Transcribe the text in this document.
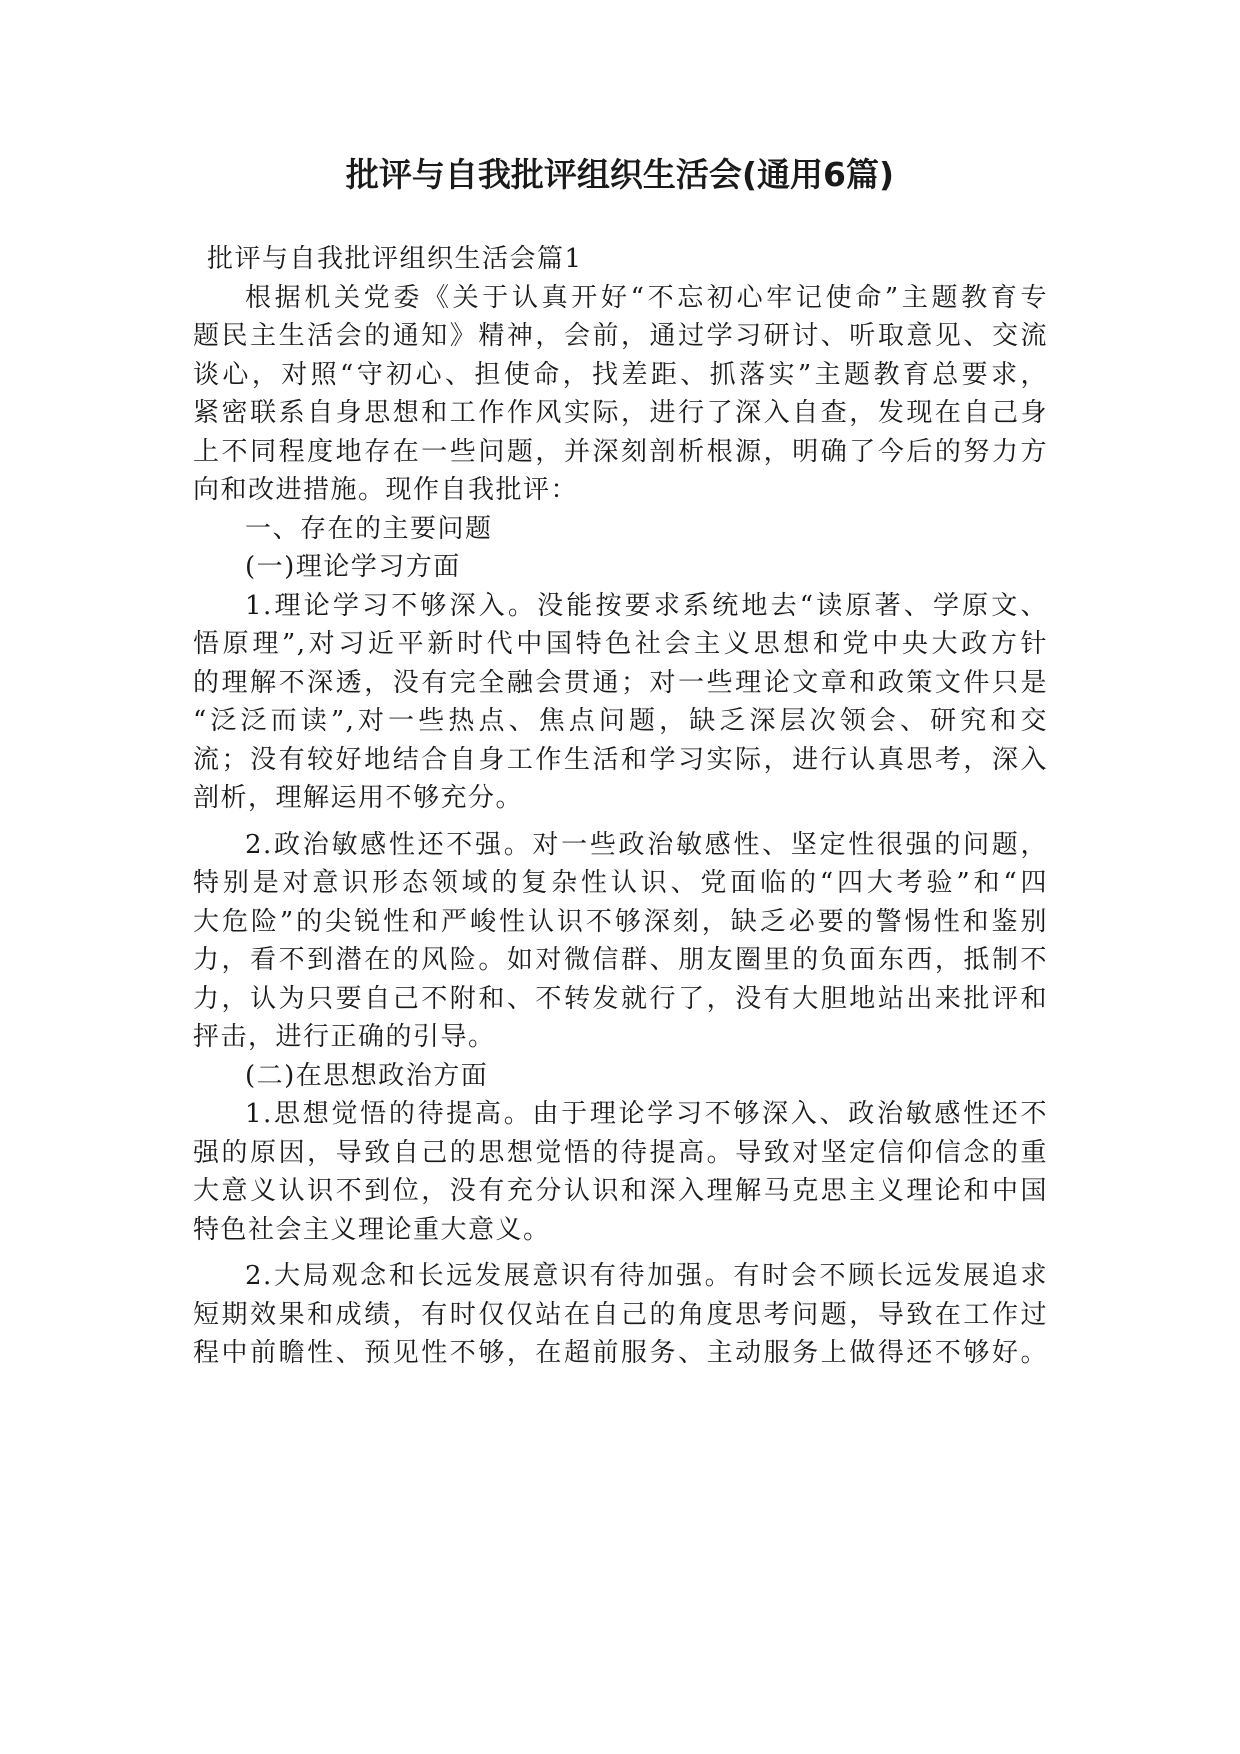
批评与自我批评组织生活会(通用6篇)

批评与自我批评组织生活会篇1

根据机关党委《关于认真开好“不忘初心牢记使命”主题教育专

题民主生活会的通知》精神，会前，通过学习研讨、听取意见、交流

谈心，对照“守初心、担使命，找差距、抓落实”主题教育总要求，

紧密联系自身思想和工作作风实际，进行了深入自查，发现在自己身

上不同程度地存在一些问题，并深刻剖析根源，明确了今后的努力方

向和改进措施。现作自我批评：

一、存在的主要问题

(一)理论学习方面

1.理论学习不够深入。没能按要求系统地去“读原著、学原文、

悟原理”,对习近平新时代中国特色社会主义思想和党中央大政方针

的理解不深透，没有完全融会贯通；对一些理论文章和政策文件只是

“泛泛而读”,对一些热点、焦点问题，缺乏深层次领会、研究和交

流；没有较好地结合自身工作生活和学习实际，进行认真思考，深入

剖析，理解运用不够充分。

2.政治敏感性还不强。对一些政治敏感性、坚定性很强的问题，

特别是对意识形态领域的复杂性认识、党面临的“四大考验”和“四

大危险”的尖锐性和严峻性认识不够深刻，缺乏必要的警惕性和鉴别

力，看不到潜在的风险。如对微信群、朋友圈里的负面东西，抵制不

力，认为只要自己不附和、不转发就行了，没有大胆地站出来批评和

抨击，进行正确的引导。

(二)在思想政治方面

1.思想觉悟的待提高。由于理论学习不够深入、政治敏感性还不

强的原因，导致自己的思想觉悟的待提高。导致对坚定信仰信念的重

大意义认识不到位，没有充分认识和深入理解马克思主义理论和中国

特色社会主义理论重大意义。

2.大局观念和长远发展意识有待加强。有时会不顾长远发展追求

短期效果和成绩，有时仅仅站在自己的角度思考问题，导致在工作过

程中前瞻性、预见性不够，在超前服务、主动服务上做得还不够好。
